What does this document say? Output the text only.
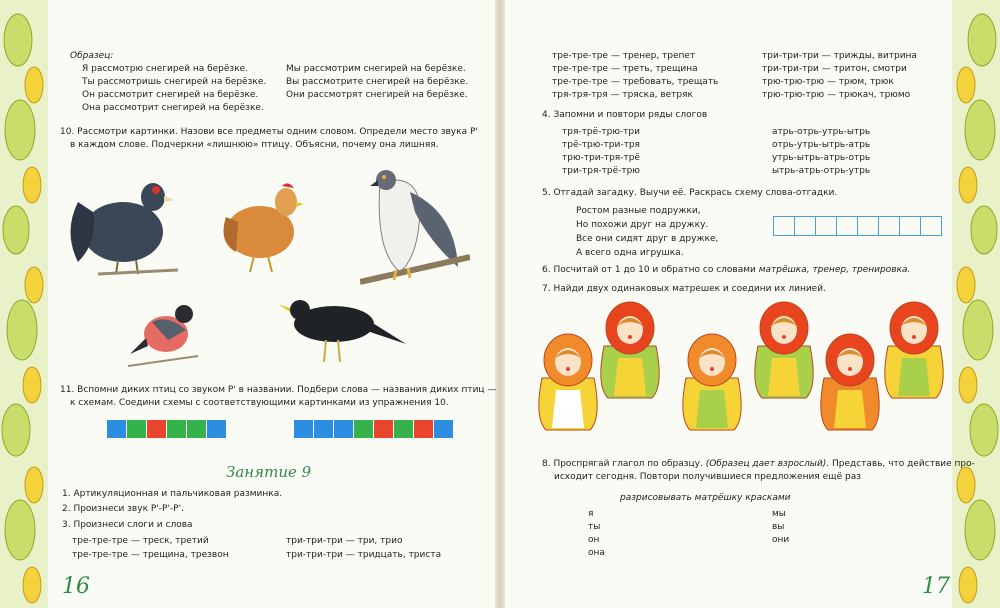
Образец:
Я рассмотрю снегирей на берёзке.
Ты рассмотришь снегирей на берёзке.
Он рассмотрит снегирей на берёзке.
Она рассмотрит снегирей на берёзке.
Мы рассмотрим снегирей на берёзке.
Вы рассмотрите снегирей на берёзке.
Они рассмотрят снегирей на берёзке.
10. Рассмотри картинки. Назови все предметы одним словом. Определи место звука Р'
в каждом слове. Подчеркни «лишнюю» птицу. Объясни, почему она лишняя.
11. Вспомни диких птиц со звуком Р' в названии. Подбери слова — названия диких птиц —
к схемам. Соедини схемы с соответствующими картинками из упражнения 10.
Занятие 9
1. Артикуляционная и пальчиковая разминка.
2. Произнеси звук Р'-Р'-Р'.
3. Произнеси слоги и слова
тре-тре-тре — треск, третий
тре-тре-тре — трещина, трезвон
три-три-три — три, трио
три-три-три — тридцать, триста
16
тре-тре-тре — тренер, трепет
тре-тре-тре — треть, трещина
тре-тре-тре — требовать, трещать
тря-тря-тря — тряска, ветряк
три-три-три — трижды, витрина
три-три-три — тритон, смотри
трю-трю-трю — трюм, трюк
трю-трю-трю — трюкач, трюмо
4. Запомни и повтори ряды слогов
тря-трё-трю-три
трё-трю-три-тря
трю-три-тря-трё
три-тря-трё-трю
атрь-отрь-утрь-ытрь
отрь-утрь-ытрь-атрь
утрь-ытрь-атрь-отрь
ытрь-атрь-отрь-утрь
5. Отгадай загадку. Выучи её. Раскрась схему слова-отгадки.
Ростом разные подружки,
Но похожи друг на дружку.
Все они сидят друг в дружке,
А всего одна игрушка.
6. Посчитай от 1 до 10 и обратно со словами матрёшка, тренер, тренировка.
7. Найди двух одинаковых матрешек и соедини их линией.
8. Проспрягай глагол по образцу. (Образец дает взрослый). Представь, что действие про-
исходит сегодня. Повтори получившиеся предложения ещё раз
разрисовывать матрёшку красками
я
ты
он
она
мы
вы
они
17
